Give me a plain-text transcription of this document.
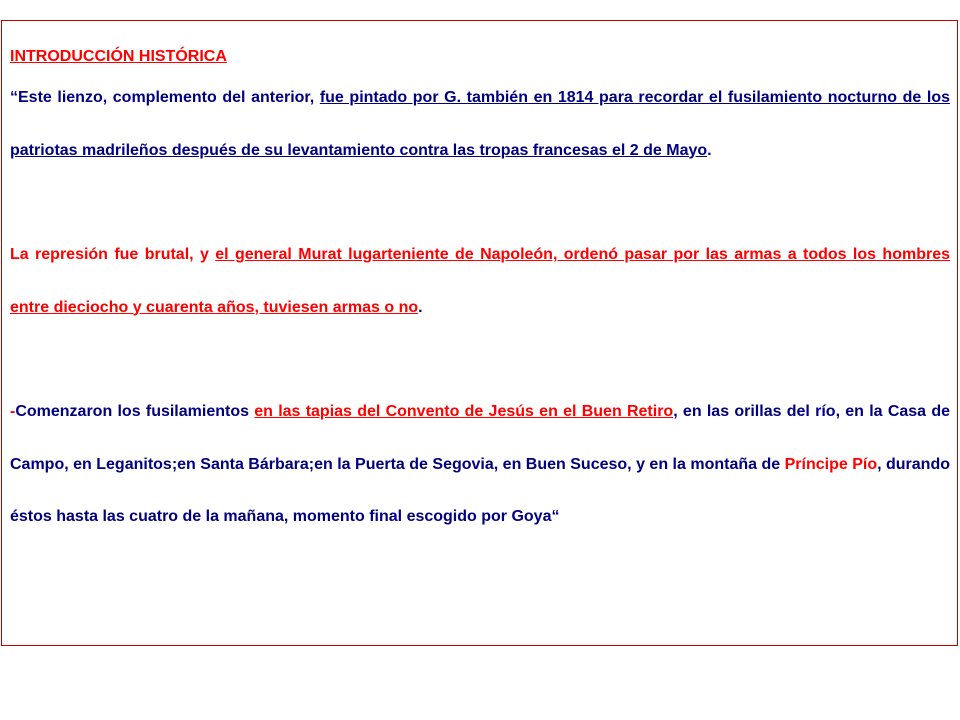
INTRODUCCIÓN HISTÓRICA

“Este lienzo, complemento del anterior, fue pintado por G. también en 1814 para recordar el fusilamiento nocturno de los patriotas madrileños después de su levantamiento contra las tropas francesas el 2 de Mayo.

La represión fue brutal, y el general Murat lugarteniente de Napoleón, ordenó pasar por las armas a todos los hombres entre dieciocho y cuarenta años, tuviesen armas o no.

-Comenzaron los fusilamientos en las tapias del Convento de Jesús en el Buen Retiro, en las orillas del río, en la Casa de Campo, en Leganitos;en Santa Bárbara;en la Puerta de Segovia, en Buen Suceso, y en la montaña de Príncipe Pío, durando éstos hasta las cuatro de la mañana, momento final escogido por Goya“
